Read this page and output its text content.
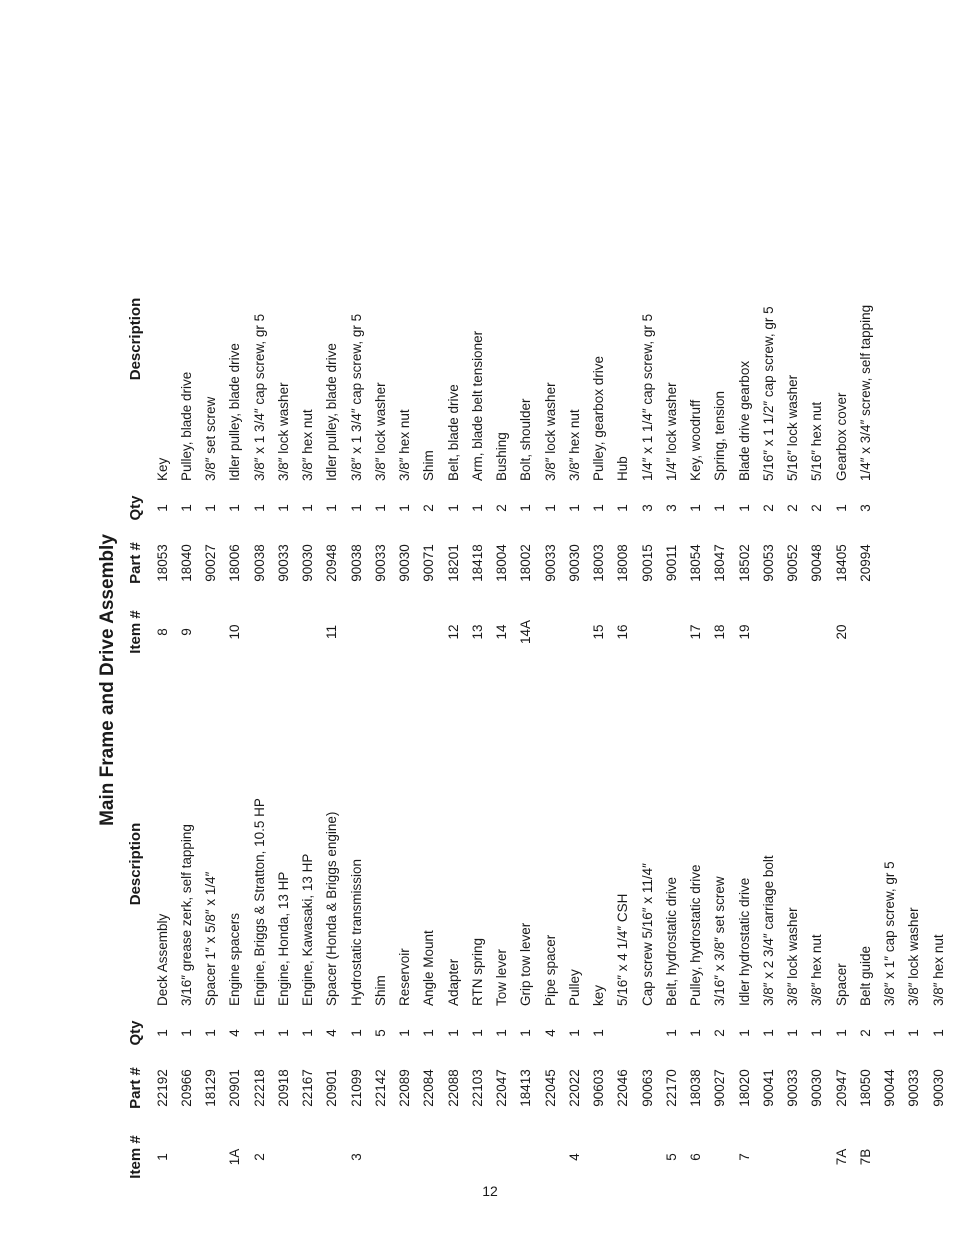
12
Main Frame and Drive Assembly
Item #	Part #	Qty	Description
1	22192	1	Deck Assembly
	20966	1	3/16″ grease zerk, self tapping
	18129	1	Spacer 1″ x 5/8″ x 1/4″
1A	20901	4	Engine spacers
2	22218	1	Engine, Briggs & Stratton, 10.5 HP
	20918	1	Engine, Honda, 13 HP
	22167	1	Engine, Kawasaki, 13 HP
	20901	4	Spacer (Honda & Briggs engine)
3	21099	1	Hydrostatic transmission
	22142	5	Shim
	22089	1	Reservoir
	22084	1	Angle Mount
	22088	1	Adapter
	22103	1	RTN spring
	22047	1	Tow lever
	18413	1	Grip tow lever
	22045	4	Pipe spacer
4	22022	1	Pulley
	90603	1	key
	22046		5/16″ x 4 1/4″ CSH
	90063		Cap screw 5/16″ x 11/4″
5	22170	1	Belt, hydrostatic drive
6	18038	1	Pulley, hydrostatic drive
	90027	2	3/16″ x 3/8″ set screw
7	18020	1	Idler hydrostatic drive
	90041	1	3/8″ x 2 3/4″ carriage bolt
	90033	1	3/8″ lock washer
	90030	1	3/8″ hex nut
7A	20947	1	Spacer
7B	18050	2	Belt guide
	90044	1	3/8″ x 1″ cap screw, gr 5
	90033	1	3/8″ lock washer
	90030	1	3/8″ hex nut
Item #	Part #	Qty	Description
8	18053	1	Key
9	18040	1	Pulley, blade drive
	90027	1	3/8″ set screw
10	18006	1	Idler pulley, blade drive
	90038	1	3/8″ x 1 3/4″ cap screw, gr 5
	90033	1	3/8″ lock washer
	90030	1	3/8″ hex nut
11	20948	1	Idler pulley, blade drive
	90038	1	3/8″ x 1 3/4″ cap screw, gr 5
	90033	1	3/8″ lock washer
	90030	1	3/8″ hex nut
	90071	2	Shim
12	18201	1	Belt, blade drive
13	18418	1	Arm, blade belt tensioner
14	18004	2	Bushing
14A	18002	1	Bolt, shoulder
	90033	1	3/8″ lock washer
	90030	1	3/8″ hex nut
15	18003	1	Pulley, gearbox drive
16	18008	1	Hub
	90015	3	1/4″ x 1 1/4″ cap screw, gr 5
	90011	3	1/4″ lock washer
17	18054	1	Key, woodruff
18	18047	1	Spring, tension
19	18502	1	Blade drive gearbox
	90053	2	5/16″ x 1 1/2″ cap screw, gr 5
	90052	2	5/16″ lock washer
	90048	2	5/16″ hex nut
20	18405	1	Gearbox cover
	20994	3	1/4″ x 3/4″ screw, self tapping
